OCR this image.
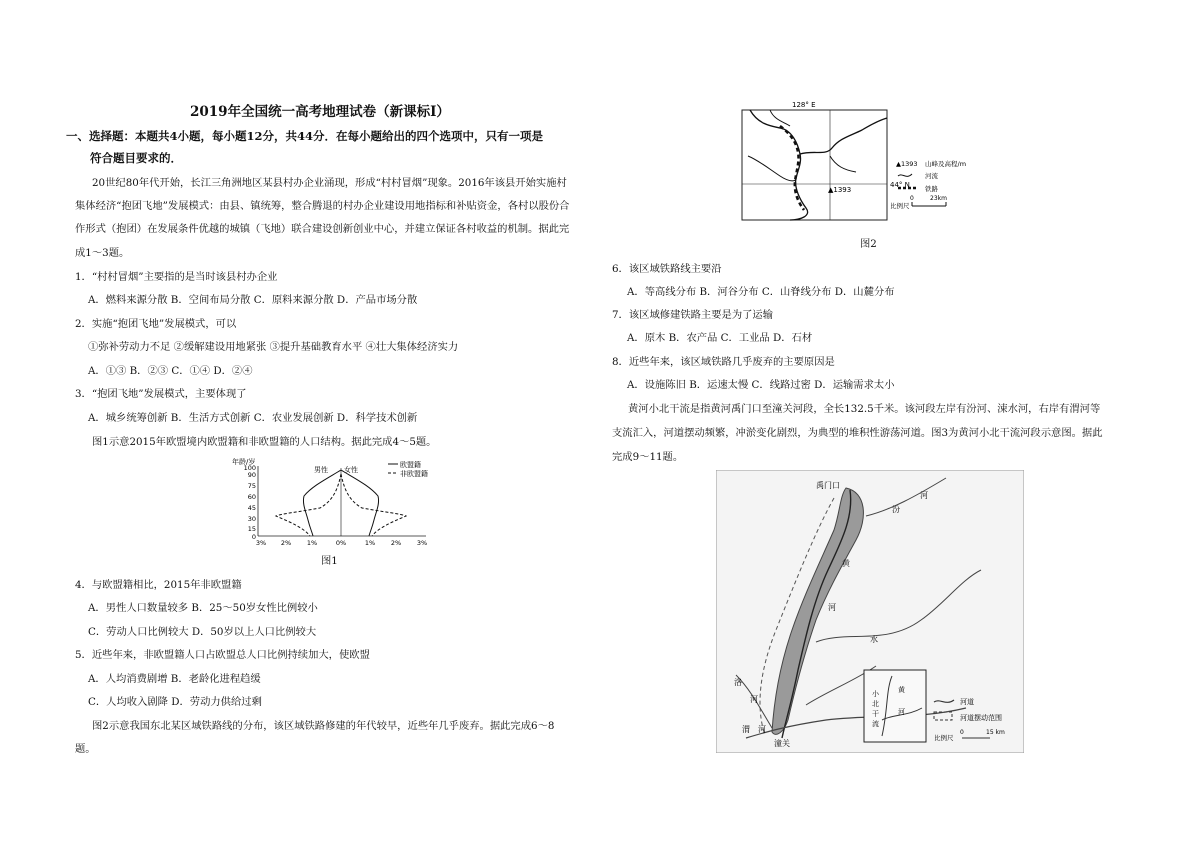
2019年全国统一高考地理试卷（新课标Ⅰ）
一、选择题：本题共4小题，每小题12分，共44分．在每小题给出的四个选项中，只有一项是
符合题目要求的．
20世纪80年代开始，长江三角洲地区某县村办企业涌现，形成“村村冒烟”现象。2016年该县开始实施村
集体经济“抱团飞地”发展模式：由县、镇统筹，整合腾退的村办企业建设用地指标和补贴资金，各村以股份合
作形式（抱团）在发展条件优越的城镇（飞地）联合建设创新创业中心，并建立保证各村收益的机制。据此完
成1～3题。
1．“村村冒烟”主要指的是当时该县村办企业
A．燃料来源分散 B．空间布局分散 C．原料来源分散 D．产品市场分散
2．实施“抱团飞地”发展模式，可以
①弥补劳动力不足 ②缓解建设用地紧张 ③提升基础教育水平 ④壮大集体经济实力
A．①③ B．②③ C．①④ D．②④
3．“抱团飞地”发展模式，主要体现了
A．城乡统筹创新 B．生活方式创新 C．农业发展创新 D．科学技术创新
图1示意2015年欧盟境内欧盟籍和非欧盟籍的人口结构。据此完成4～5题。
年龄/岁
100
90
75
60
45
30
15
0
3% 2% 1%	0%	1% 2% 3%
男性 女性
欧盟籍
非欧盟籍
图1
4．与欧盟籍相比，2015年非欧盟籍
A．男性人口数量较多 B．25～50岁女性比例较小
C．劳动人口比例较大 D．50岁以上人口比例较大
5．近些年来，非欧盟籍人口占欧盟总人口比例持续加大，使欧盟
A．人均消费剧增 B．老龄化进程趋缓
C．人均收入剧降 D．劳动力供给过剩
图2示意我国东北某区域铁路线的分布，该区域铁路修建的年代较早，近些年几乎废弃。据此完成6～8
题。
128° E
44° N
▲1393
▲1393 山峰及高程/m
河流
铁路
比例尺
0	23km
图2
6．该区域铁路线主要沿
A．等高线分布 B．河谷分布 C．山脊线分布 D．山麓分布
7．该区域修建铁路主要是为了运输
A．原木 B．农产品 C．工业品 D．石材
8．近些年来，该区域铁路几乎废弃的主要原因是
A．设施陈旧 B．运速太慢 C．线路过密 D．运输需求太小
黄河小北干流是指黄河禹门口至潼关河段，全长132.5千米。该河段左岸有汾河、涑水河，右岸有渭河等
支流汇入，河道摆动频繁，冲淤变化剧烈，为典型的堆积性游荡河道。图3为黄河小北干流河段示意图。据此
完成9～11题。
禹门口
潼关
汾
河
黄
河
水
洛
河
渭 河
黄
河
小
北
干
流
河道
河道摆动范围
比例尺
0	15 km
